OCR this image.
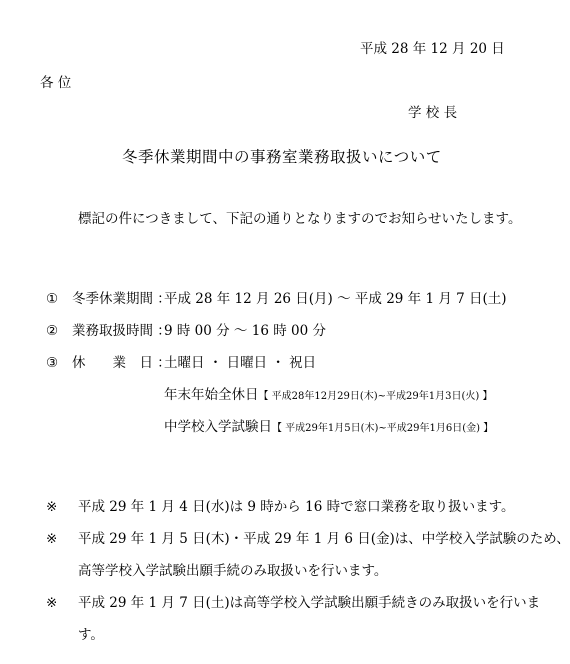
平成 28 年 12 月 20 日
各 位
学 校 長
冬季休業期間中の事務室業務取扱いについて
標記の件につきまして、下記の通りとなりますのでお知らせいたします。
① 冬季休業期間 ：
平成 28 年 12 月 26 日(月) ～ 平成 29 年 1 月 7 日(土)
② 業務取扱時間 ：
9 時 00 分 ～ 16 時 00 分
③ 休　　業　日 ：
土曜日 ・ 日曜日 ・ 祝日
年末年始全休日【 平成28年12月29日(木)~平成29年1月3日(火) 】
中学校入学試験日【 平成29年1月5日(木)~平成29年1月6日(金) 】
※ 平成 29 年 1 月 4 日(水)は 9 時から 16 時で窓口業務を取り扱います。
※ 平成 29 年 1 月 5 日(木)・平成 29 年 1 月 6 日(金)は、中学校入学試験のため、
高等学校入学試験出願手続のみ取扱いを行います。
※ 平成 29 年 1 月 7 日(土)は高等学校入学試験出願手続きのみ取扱いを行いま
す。
